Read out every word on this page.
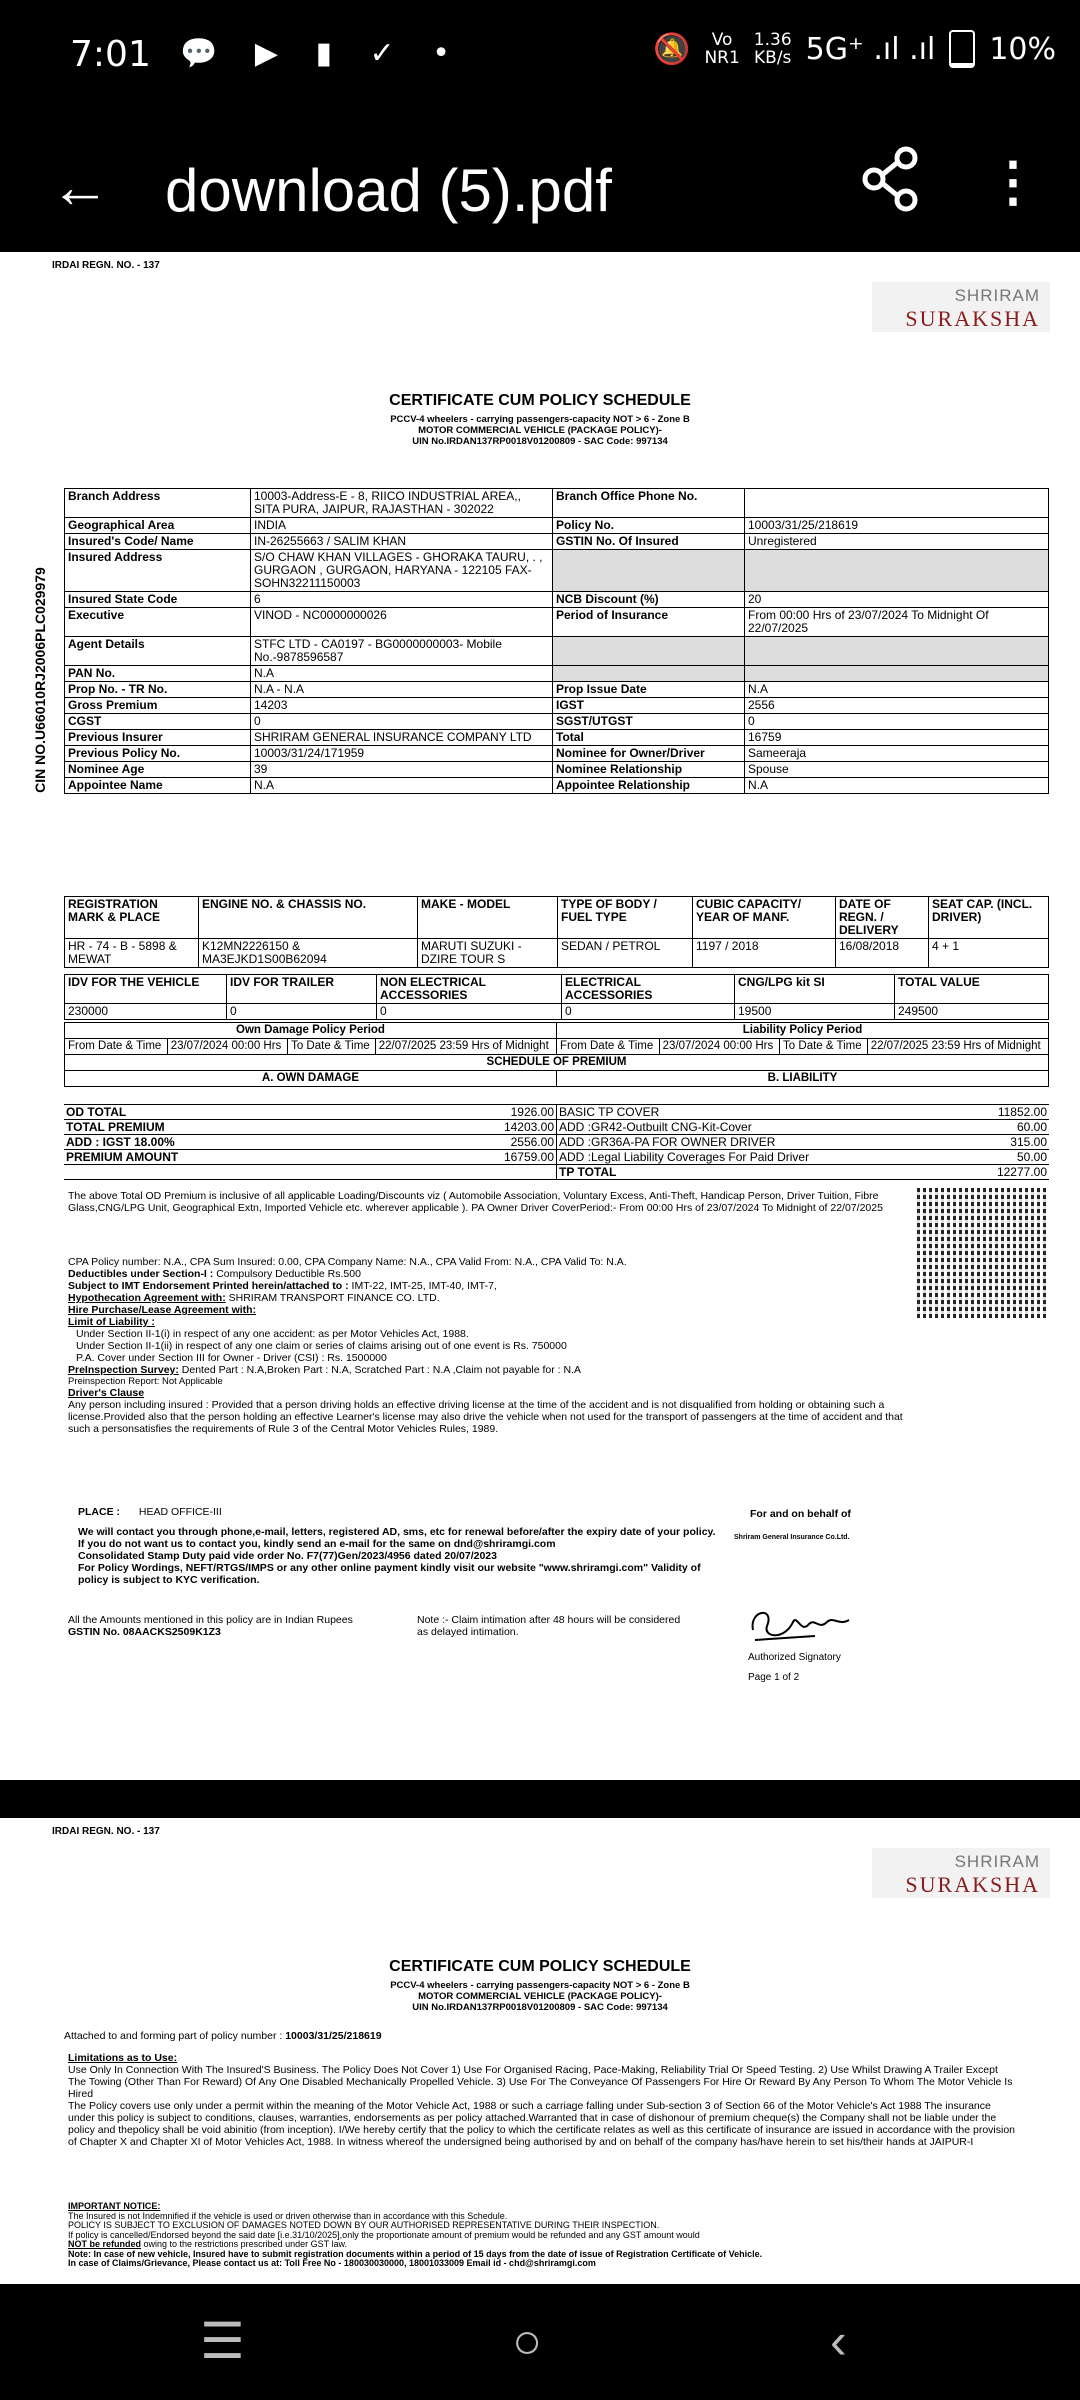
7:01 💬 ▶ ▮ ✓ •	🔕	Vo
NR1
1.36
KB/s 5G⁺ .ıl .ıl 10%
← download (5).pdf	⋮
IRDAI REGN. NO. - 137
SHRIRAM
SURAKSHA
CERTIFICATE CUM POLICY SCHEDULE
PCCV-4 wheelers - carrying passengers-capacity NOT > 6 - Zone B
MOTOR COMMERCIAL VEHICLE (PACKAGE POLICY)-
UIN No.IRDAN137RP0018V01200809 - SAC Code: 997134
CIN NO.U66010RJ2006PLC029979
Branch Address	10003-Address-E - 8, RIICO INDUSTRIAL AREA,, SITA PURA, JAIPUR, RAJASTHAN - 302022	Branch Office Phone No.	
Geographical Area	INDIA	Policy No.	10003/31/25/218619
Insured's Code/ Name	IN-26255663 / SALIM KHAN	GSTIN No. Of Insured	Unregistered
Insured Address	S/O CHAW KHAN VILLAGES - GHORAKA TAURU, . , GURGAON , GURGAON, HARYANA - 122105 FAX-SOHN32211150003		
Insured State Code	6	NCB Discount (%)	20
Executive	VINOD - NC0000000026	Period of Insurance	From 00:00 Hrs of 23/07/2024 To Midnight Of 22/07/2025
Agent Details	STFC LTD - CA0197 - BG0000000003- Mobile No.-9878596587		
PAN No.	N.A		
Prop No. - TR No.	N.A - N.A	Prop Issue Date	N.A
Gross Premium	14203	IGST	2556
CGST	0	SGST/UTGST	0
Previous Insurer	SHRIRAM GENERAL INSURANCE COMPANY LTD	Total	16759
Previous Policy No.	10003/31/24/171959	Nominee for Owner/Driver	Sameeraja
Nominee Age	39	Nominee Relationship	Spouse
Appointee Name	N.A	Appointee Relationship	N.A
REGISTRATION MARK & PLACE	ENGINE NO. & CHASSIS NO.	MAKE - MODEL	TYPE OF BODY / FUEL TYPE	CUBIC CAPACITY/ YEAR OF MANF.	DATE OF REGN. / DELIVERY	SEAT CAP. (INCL. DRIVER)
HR - 74 - B - 5898 & MEWAT	K12MN2226150 & MA3EJKD1S00B62094	MARUTI SUZUKI - DZIRE TOUR S	SEDAN / PETROL	1197 / 2018	16/08/2018	4 + 1
IDV FOR THE VEHICLE	IDV FOR TRAILER	NON ELECTRICAL ACCESSORIES	ELECTRICAL ACCESSORIES	CNG/LPG kit SI	TOTAL VALUE
230000	0	0	0	19500	249500
Own Damage Policy Period				Liability Policy Period			
From Date & Time	23/07/2024 00:00 Hrs	To Date & Time	22/07/2025 23:59 Hrs of Midnight	From Date & Time	23/07/2024 00:00 Hrs	To Date & Time	22/07/2025 23:59 Hrs of Midnight
SCHEDULE OF PREMIUM							
A. OWN DAMAGE				B. LIABILITY			
OD TOTAL	1926.00 BASIC TP COVER	11852.00
TOTAL PREMIUM	14203.00 ADD :GR42-Outbuilt CNG-Kit-Cover	60.00
ADD : IGST 18.00%	2556.00 ADD :GR36A-PA FOR OWNER DRIVER	315.00
PREMIUM AMOUNT	16759.00 ADD :Legal Liability Coverages For Paid Driver	50.00
TP TOTAL	12277.00
The above Total OD Premium is inclusive of all applicable Loading/Discounts viz ( Automobile Association, Voluntary Excess, Anti-Theft, Handicap Person, Driver Tuition, Fibre Glass,CNG/LPG Unit, Geographical Extn, Imported Vehicle etc. wherever applicable ). PA Owner Driver CoverPeriod:- From 00:00 Hrs of 23/07/2024 To Midnight of 22/07/2025
CPA Policy number: N.A., CPA Sum Insured: 0.00, CPA Company Name: N.A., CPA Valid From: N.A., CPA Valid To: N.A.
Deductibles under Section-I : Compulsory Deductible Rs.500
Subject to IMT Endorsement Printed herein/attached to : IMT-22, IMT-25, IMT-40, IMT-7,
Hypothecation Agreement with: SHRIRAM TRANSPORT FINANCE CO. LTD.
Hire Purchase/Lease Agreement with:
Limit of Liability :
Under Section II-1(i) in respect of any one accident: as per Motor Vehicles Act, 1988.
Under Section II-1(ii) in respect of any one claim or series of claims arising out of one event is Rs. 750000
P.A. Cover under Section III for Owner - Driver (CSI) : Rs. 1500000
PreInspection Survey: Dented Part : N.A,Broken Part : N.A, Scratched Part : N.A ,Claim not payable for : N.A
Preinspection Report: Not Applicable
Driver's Clause
Any person including insured : Provided that a person driving holds an effective driving license at the time of the accident and is not disqualified from holding or obtaining such a license.Provided also that the person holding an effective Learner's license may also drive the vehicle when not used for the transport of passengers at the time of accident and that such a personsatisfies the requirements of Rule 3 of the Central Motor Vehicles Rules, 1989.
PLACE : HEAD OFFICE-III
We will contact you through phone,e-mail, letters, registered AD, sms, etc for renewal before/after the expiry date of your policy. If you do not want us to contact you, kindly send an e-mail for the same on dnd@shriramgi.com
Consolidated Stamp Duty paid vide order No. F7(77)Gen/2023/4956 dated 20/07/2023
For Policy Wordings, NEFT/RTGS/IMPS or any other online payment kindly visit our website "www.shriramgi.com" Validity of policy is subject to KYC verification.
All the Amounts mentioned in this policy are in Indian Rupees
GSTIN No. 08AACKS2509K1Z3
Note :- Claim intimation after 48 hours will be considered as delayed intimation.
For and on behalf of
Shriram General Insurance Co.Ltd.
Authorized Signatory
Page 1 of 2
IRDAI REGN. NO. - 137
SHRIRAM
SURAKSHA
CERTIFICATE CUM POLICY SCHEDULE
PCCV-4 wheelers - carrying passengers-capacity NOT > 6 - Zone B
MOTOR COMMERCIAL VEHICLE (PACKAGE POLICY)-
UIN No.IRDAN137RP0018V01200809 - SAC Code: 997134
Attached to and forming part of policy number : 10003/31/25/218619
Limitations as to Use:
Use Only In Connection With The Insured'S Business. The Policy Does Not Cover 1) Use For Organised Racing, Pace-Making, Reliability Trial Or Speed Testing. 2) Use Whilst Drawing A Trailer Except The Towing (Other Than For Reward) Of Any One Disabled Mechanically Propelled Vehicle. 3) Use For The Conveyance Of Passengers For Hire Or Reward By Any Person To Whom The Motor Vehicle Is Hired
The Policy covers use only under a permit within the meaning of the Motor Vehicle Act, 1988 or such a carriage falling under Sub-section 3 of Section 66 of the Motor Vehicle's Act 1988 The insurance under this policy is subject to conditions, clauses, warranties, endorsements as per policy attached.Warranted that in case of dishonour of premium cheque(s) the Company shall not be liable under the policy and thepolicy shall be void abinitio (from inception). I/We hereby certify that the policy to which the certificate relates as well as this certificate of insurance are issued in accordance with the provision of Chapter X and Chapter XI of Motor Vehicles Act, 1988. In witness whereof the undersigned being authorised by and on behalf of the company has/have herein to set his/their hands at JAIPUR-I
IMPORTANT NOTICE:
The Insured is not Indemnified if the vehicle is used or driven otherwise than in accordance with this Schedule.
POLICY IS SUBJECT TO EXCLUSION OF DAMAGES NOTED DOWN BY OUR AUTHORISED REPRESENTATIVE DURING THEIR INSPECTION.
If policy is cancelled/Endorsed beyond the said date [i.e.31/10/2025],only the proportionate amount of premium would be refunded and any GST amount would
NOT be refunded owing to the restrictions prescribed under GST law.
Note: In case of new vehicle, Insured have to submit registration documents within a period of 15 days from the date of issue of Registration Certificate of Vehicle.
In case of Claims/Grievance, Please contact us at: Toll Free No - 180030030000, 18001033009 Email id - chd@shriramgi.com
☰	○	‹
